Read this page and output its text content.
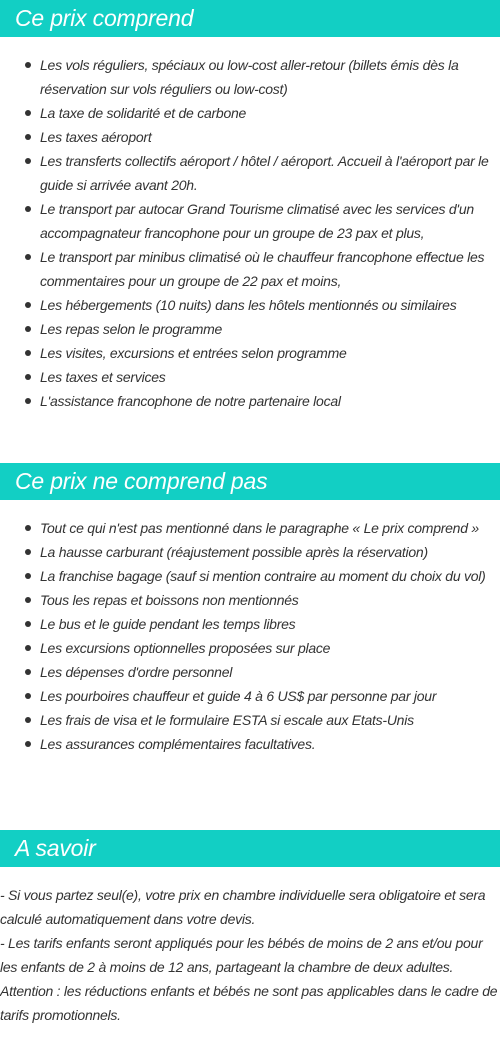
Ce prix comprend
Les vols réguliers, spéciaux ou low-cost aller-retour (billets émis dès la réservation sur vols réguliers ou low-cost)
La taxe de solidarité et de carbone
Les taxes aéroport
Les transferts collectifs aéroport / hôtel / aéroport. Accueil à l'aéroport par le guide si arrivée avant 20h.
Le transport par autocar Grand Tourisme climatisé avec les services d'un accompagnateur francophone pour un groupe de 23 pax et plus,
Le transport par minibus climatisé où le chauffeur francophone effectue les commentaires pour un groupe de 22 pax et moins,
Les hébergements (10 nuits) dans les hôtels mentionnés ou similaires
Les repas selon le programme
Les visites, excursions et entrées selon programme
Les taxes et services
L'assistance francophone de notre partenaire local
Ce prix ne comprend pas
Tout ce qui n'est pas mentionné dans le paragraphe « Le prix comprend »
La hausse carburant (réajustement possible après la réservation)
La franchise bagage (sauf si mention contraire au moment du choix du vol)
Tous les repas et boissons non mentionnés
Le bus et le guide pendant les temps libres
Les excursions optionnelles proposées sur place
Les dépenses d'ordre personnel
Les pourboires chauffeur et guide 4 à 6 US$ par personne par jour
Les frais de visa et le formulaire ESTA si escale aux Etats-Unis
Les assurances complémentaires facultatives.
A savoir

- Si vous partez seul(e), votre prix en chambre individuelle sera obligatoire et sera calculé automatiquement dans votre devis.

- Les tarifs enfants seront appliqués pour les bébés de moins de 2 ans et/ou pour les enfants de 2 à moins de 12 ans, partageant la chambre de deux adultes. Attention : les réductions enfants et bébés ne sont pas applicables dans le cadre de tarifs promotionnels.
